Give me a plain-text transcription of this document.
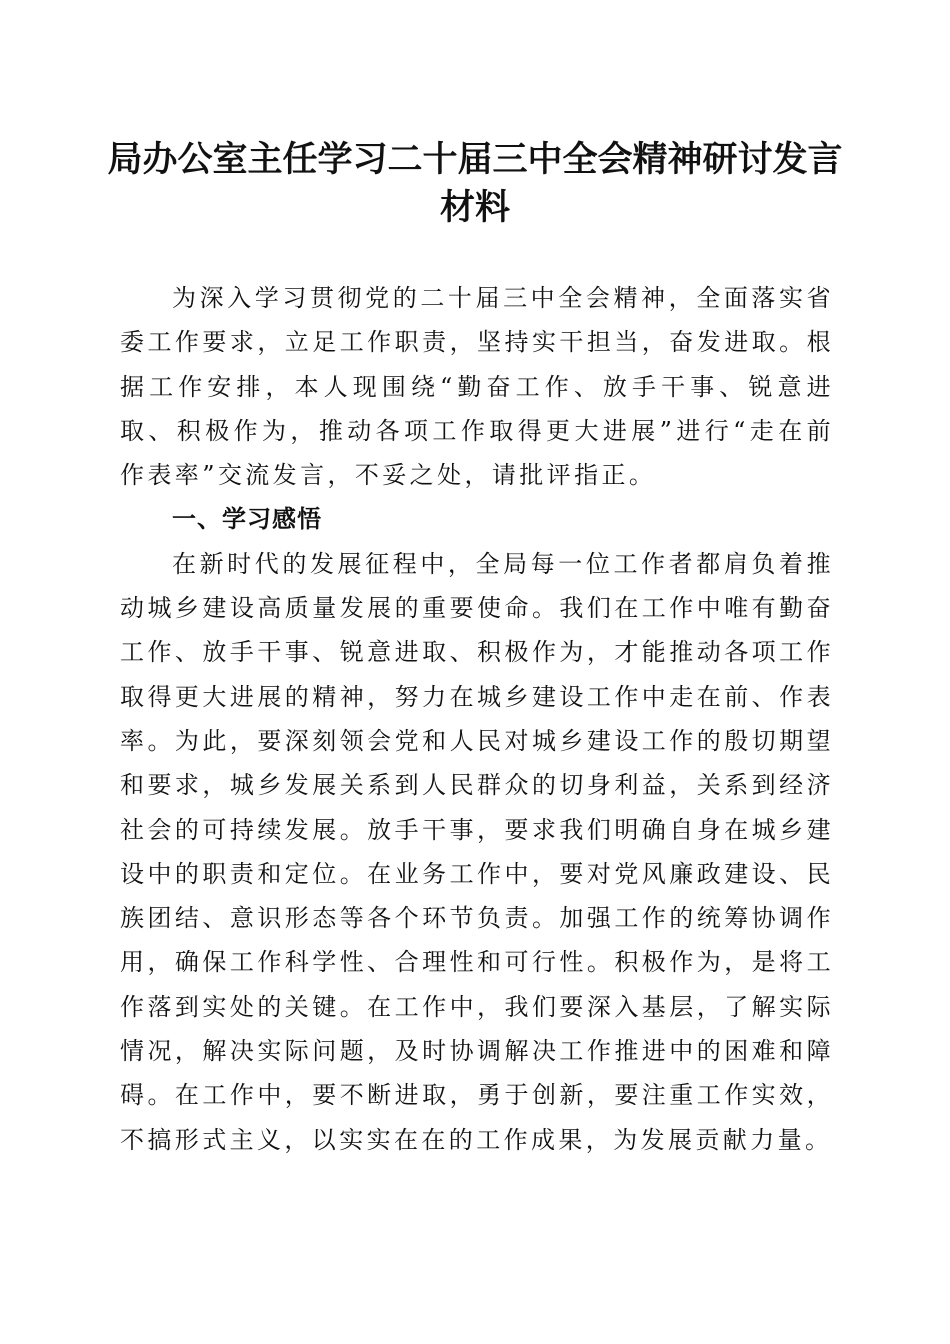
局办公室主任学习二十届三中全会精神研讨发言材料

为深入学习贯彻党的二十届三中全会精神，全面落实省委工作要求，立足工作职责，坚持实干担当，奋发进取。根据工作安排，本人现围绕“勤奋工作、放手干事、锐意进取、积极作为，推动各项工作取得更大进展”进行“走在前作表率”交流发言，不妥之处，请批评指正。

一、学习感悟

在新时代的发展征程中，全局每一位工作者都肩负着推动城乡建设高质量发展的重要使命。我们在工作中唯有勤奋工作、放手干事、锐意进取、积极作为，才能推动各项工作取得更大进展的精神，努力在城乡建设工作中走在前、作表率。为此，要深刻领会党和人民对城乡建设工作的殷切期望和要求，城乡发展关系到人民群众的切身利益，关系到经济社会的可持续发展。放手干事，要求我们明确自身在城乡建设中的职责和定位。在业务工作中，要对党风廉政建设、民族团结、意识形态等各个环节负责。加强工作的统筹协调作用，确保工作科学性、合理性和可行性。积极作为，是将工作落到实处的关键。在工作中，我们要深入基层，了解实际情况，解决实际问题，及时协调解决工作推进中的困难和障碍。在工作中，要不断进取，勇于创新，要注重工作实效，不搞形式主义，以实实在在的工作成果，为发展贡献力量。
